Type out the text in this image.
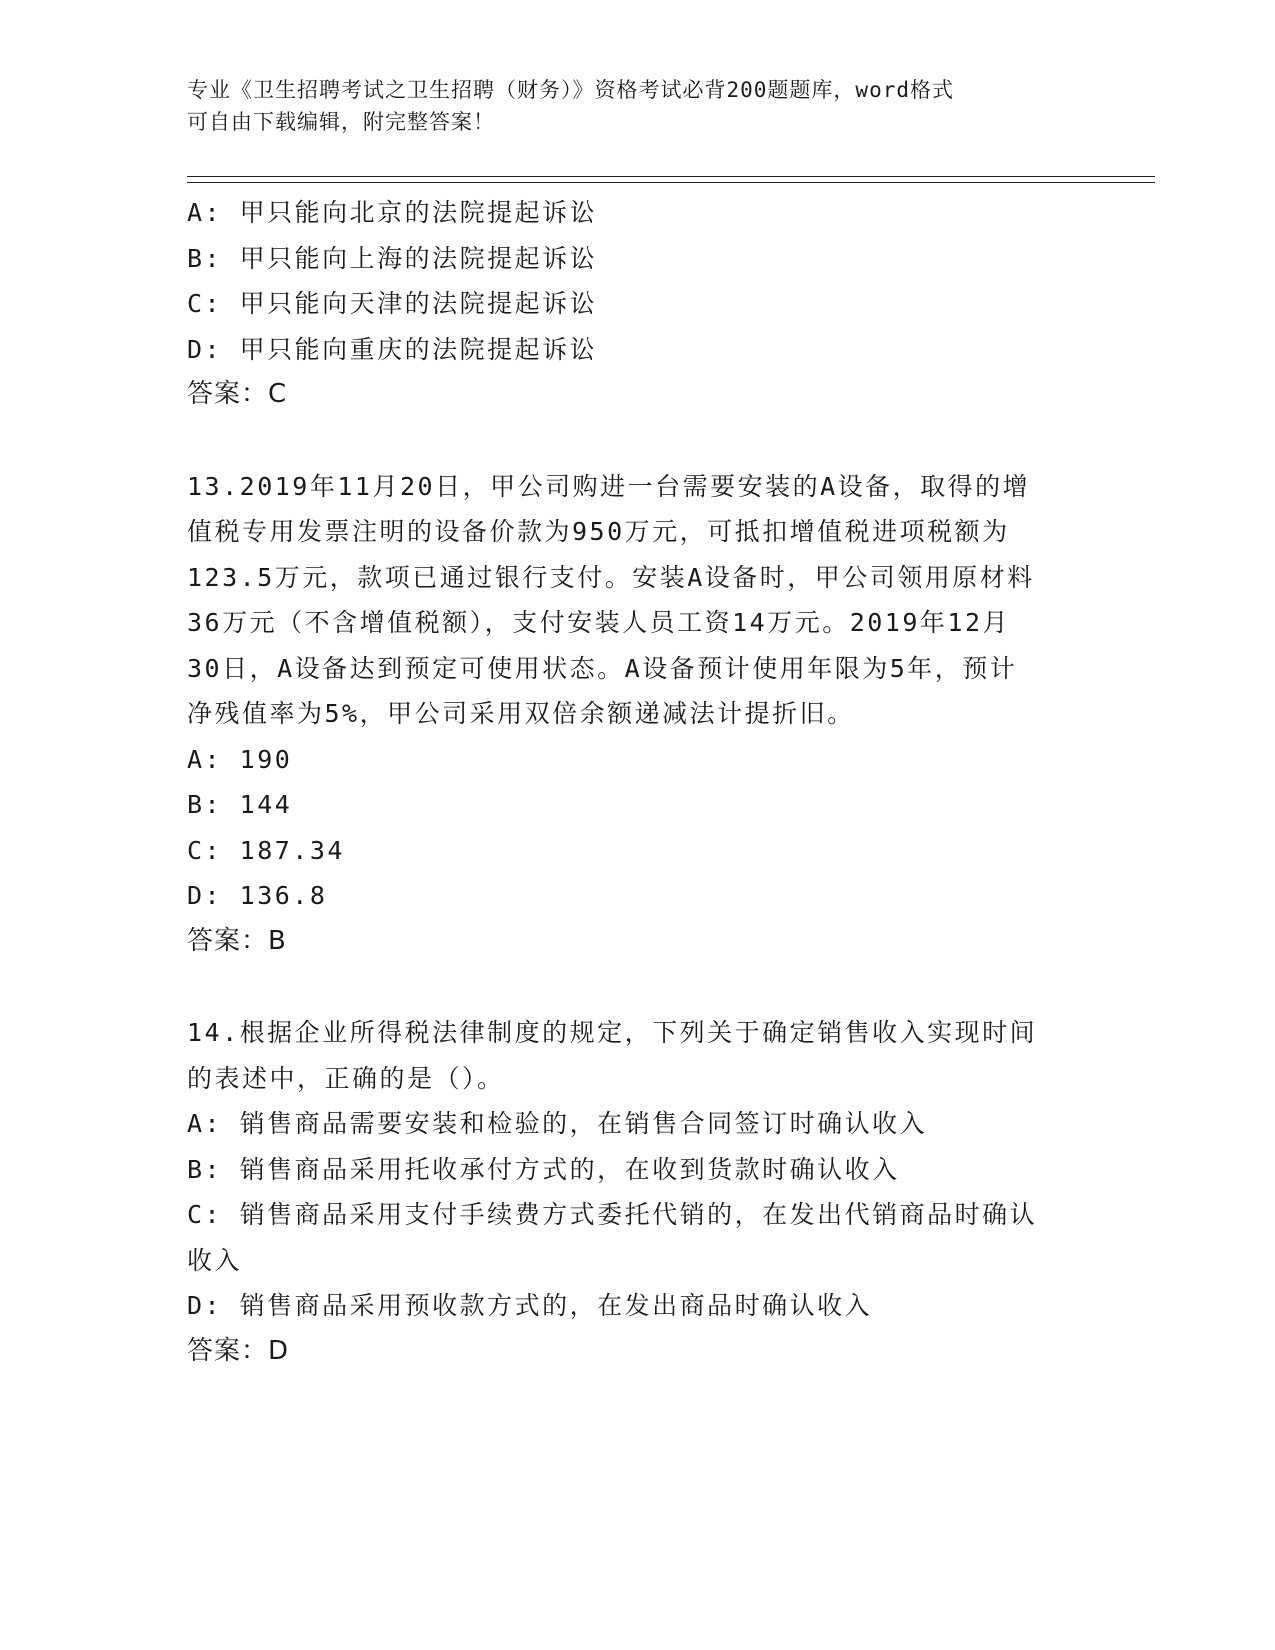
专业《卫生招聘考试之卫生招聘（财务）》资格考试必背200题题库，word格式
可自由下载编辑，附完整答案！
A: 甲只能向北京的法院提起诉讼
B: 甲只能向上海的法院提起诉讼
C: 甲只能向天津的法院提起诉讼
D: 甲只能向重庆的法院提起诉讼
答案：C
13.2019年11月20日，甲公司购进一台需要安装的A设备，取得的增
值税专用发票注明的设备价款为950万元，可抵扣增值税进项税额为
123.5万元，款项已通过银行支付。安装A设备时，甲公司领用原材料
36万元（不含增值税额），支付安装人员工资14万元。2019年12月
30日，A设备达到预定可使用状态。A设备预计使用年限为5年，预计
净残值率为5%，甲公司采用双倍余额递减法计提折旧。
A: 190
B: 144
C: 187.34
D: 136.8
答案：B
14.根据企业所得税法律制度的规定，下列关于确定销售收入实现时间
的表述中，正确的是（）。
A: 销售商品需要安装和检验的，在销售合同签订时确认收入
B: 销售商品采用托收承付方式的，在收到货款时确认收入
C: 销售商品采用支付手续费方式委托代销的，在发出代销商品时确认
收入
D: 销售商品采用预收款方式的，在发出商品时确认收入
答案：D
